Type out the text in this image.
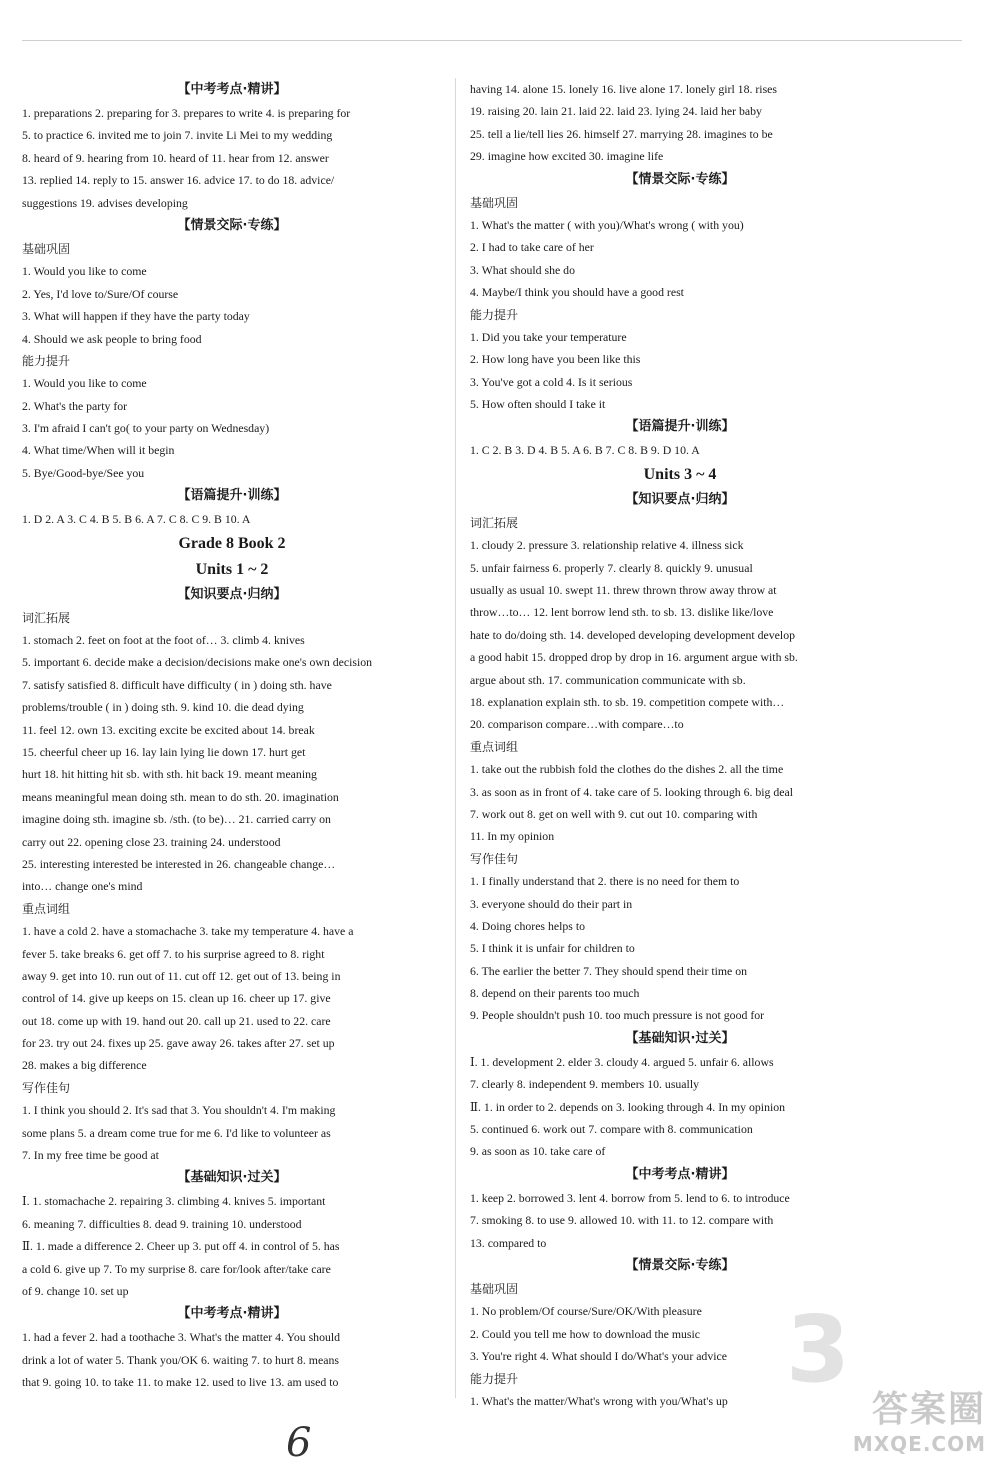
【中考考点·精讲】
1. preparations 2. preparing for 3. prepares to write 4. is preparing for
5. to practice 6. invited me to join 7. invite Li Mei to my wedding
8. heard of 9. hearing from 10. heard of 11. hear from 12. answer
13. replied 14. reply to 15. answer 16. advice 17. to do 18. advice/
suggestions 19. advises developing
【情景交际·专练】
基础巩固
1. Would you like to come
2. Yes, I'd love to/Sure/Of course
3. What will happen if they have the party today
4. Should we ask people to bring food
能力提升
1. Would you like to come
2. What's the party for
3. I'm afraid I can't go( to your party on Wednesday)
4. What time/When will it begin
5. Bye/Good-bye/See you
【语篇提升·训练】
1. D 2. A 3. C 4. B 5. B 6. A 7. C 8. C 9. B 10. A
Grade 8 Book 2
Units 1 ~ 2
【知识要点·归纳】
词汇拓展
1. stomach 2. feet on foot at the foot of… 3. climb 4. knives
5. important 6. decide make a decision/decisions make one's own decision
7. satisfy satisfied 8. difficult have difficulty ( in ) doing sth. have
problems/trouble ( in ) doing sth. 9. kind 10. die dead dying
11. feel 12. own 13. exciting excite be excited about 14. break
15. cheerful cheer up 16. lay lain lying lie down 17. hurt get
hurt 18. hit hitting hit sb. with sth. hit back 19. meant meaning
means meaningful mean doing sth. mean to do sth. 20. imagination
imagine doing sth. imagine sb. /sth. (to be)… 21. carried carry on
carry out 22. opening close 23. training 24. understood
25. interesting interested be interested in 26. changeable change…
into… change one's mind
重点词组
1. have a cold 2. have a stomachache 3. take my temperature 4. have a
fever 5. take breaks 6. get off 7. to his surprise agreed to 8. right
away 9. get into 10. run out of 11. cut off 12. get out of 13. being in
control of 14. give up keeps on 15. clean up 16. cheer up 17. give
out 18. come up with 19. hand out 20. call up 21. used to 22. care
for 23. try out 24. fixes up 25. gave away 26. takes after 27. set up
28. makes a big difference
写作佳句
1. I think you should 2. It's sad that 3. You shouldn't 4. I'm making
some plans 5. a dream come true for me 6. I'd like to volunteer as
7. In my free time be good at
【基础知识·过关】
Ⅰ. 1. stomachache 2. repairing 3. climbing 4. knives 5. important
6. meaning 7. difficulties 8. dead 9. training 10. understood
Ⅱ. 1. made a difference 2. Cheer up 3. put off 4. in control of 5. has
a cold 6. give up 7. To my surprise 8. care for/look after/take care
of 9. change 10. set up
【中考考点·精讲】
1. had a fever 2. had a toothache 3. What's the matter 4. You should
drink a lot of water 5. Thank you/OK 6. waiting 7. to hurt 8. means
that 9. going 10. to take 11. to make 12. used to live 13. am used to
having 14. alone 15. lonely 16. live alone 17. lonely girl 18. rises
19. raising 20. lain 21. laid 22. laid 23. lying 24. laid her baby
25. tell a lie/tell lies 26. himself 27. marrying 28. imagines to be
29. imagine how excited 30. imagine life
【情景交际·专练】
基础巩固
1. What's the matter ( with you)/What's wrong ( with you)
2. I had to take care of her
3. What should she do
4. Maybe/I think you should have a good rest
能力提升
1. Did you take your temperature
2. How long have you been like this
3. You've got a cold 4. Is it serious
5. How often should I take it
【语篇提升·训练】
1. C 2. B 3. D 4. B 5. A 6. B 7. C 8. B 9. D 10. A
Units 3 ~ 4
【知识要点·归纳】
词汇拓展
1. cloudy 2. pressure 3. relationship relative 4. illness sick
5. unfair fairness 6. properly 7. clearly 8. quickly 9. unusual
usually as usual 10. swept 11. threw thrown throw away throw at
throw…to… 12. lent borrow lend sth. to sb. 13. dislike like/love
hate to do/doing sth. 14. developed developing development develop
a good habit 15. dropped drop by drop in 16. argument argue with sb.
argue about sth. 17. communication communicate with sb.
18. explanation explain sth. to sb. 19. competition compete with…
20. comparison compare…with compare…to
重点词组
1. take out the rubbish fold the clothes do the dishes 2. all the time
3. as soon as in front of 4. take care of 5. looking through 6. big deal
7. work out 8. get on well with 9. cut out 10. comparing with
11. In my opinion
写作佳句
1. I finally understand that 2. there is no need for them to
3. everyone should do their part in
4. Doing chores helps to
5. I think it is unfair for children to
6. The earlier the better 7. They should spend their time on
8. depend on their parents too much
9. People shouldn't push 10. too much pressure is not good for
【基础知识·过关】
Ⅰ. 1. development 2. elder 3. cloudy 4. argued 5. unfair 6. allows
7. clearly 8. independent 9. members 10. usually
Ⅱ. 1. in order to 2. depends on 3. looking through 4. In my opinion
5. continued 6. work out 7. compare with 8. communication
9. as soon as 10. take care of
【中考考点·精讲】
1. keep 2. borrowed 3. lent 4. borrow from 5. lend to 6. to introduce
7. smoking 8. to use 9. allowed 10. with 11. to 12. compare with
13. compared to
【情景交际·专练】
基础巩固
1. No problem/Of course/Sure/OK/With pleasure
2. Could you tell me how to download the music
3. You're right 4. What should I do/What's your advice
能力提升
1. What's the matter/What's wrong with you/What's up 3
答案圈
MXQE.COM
6
